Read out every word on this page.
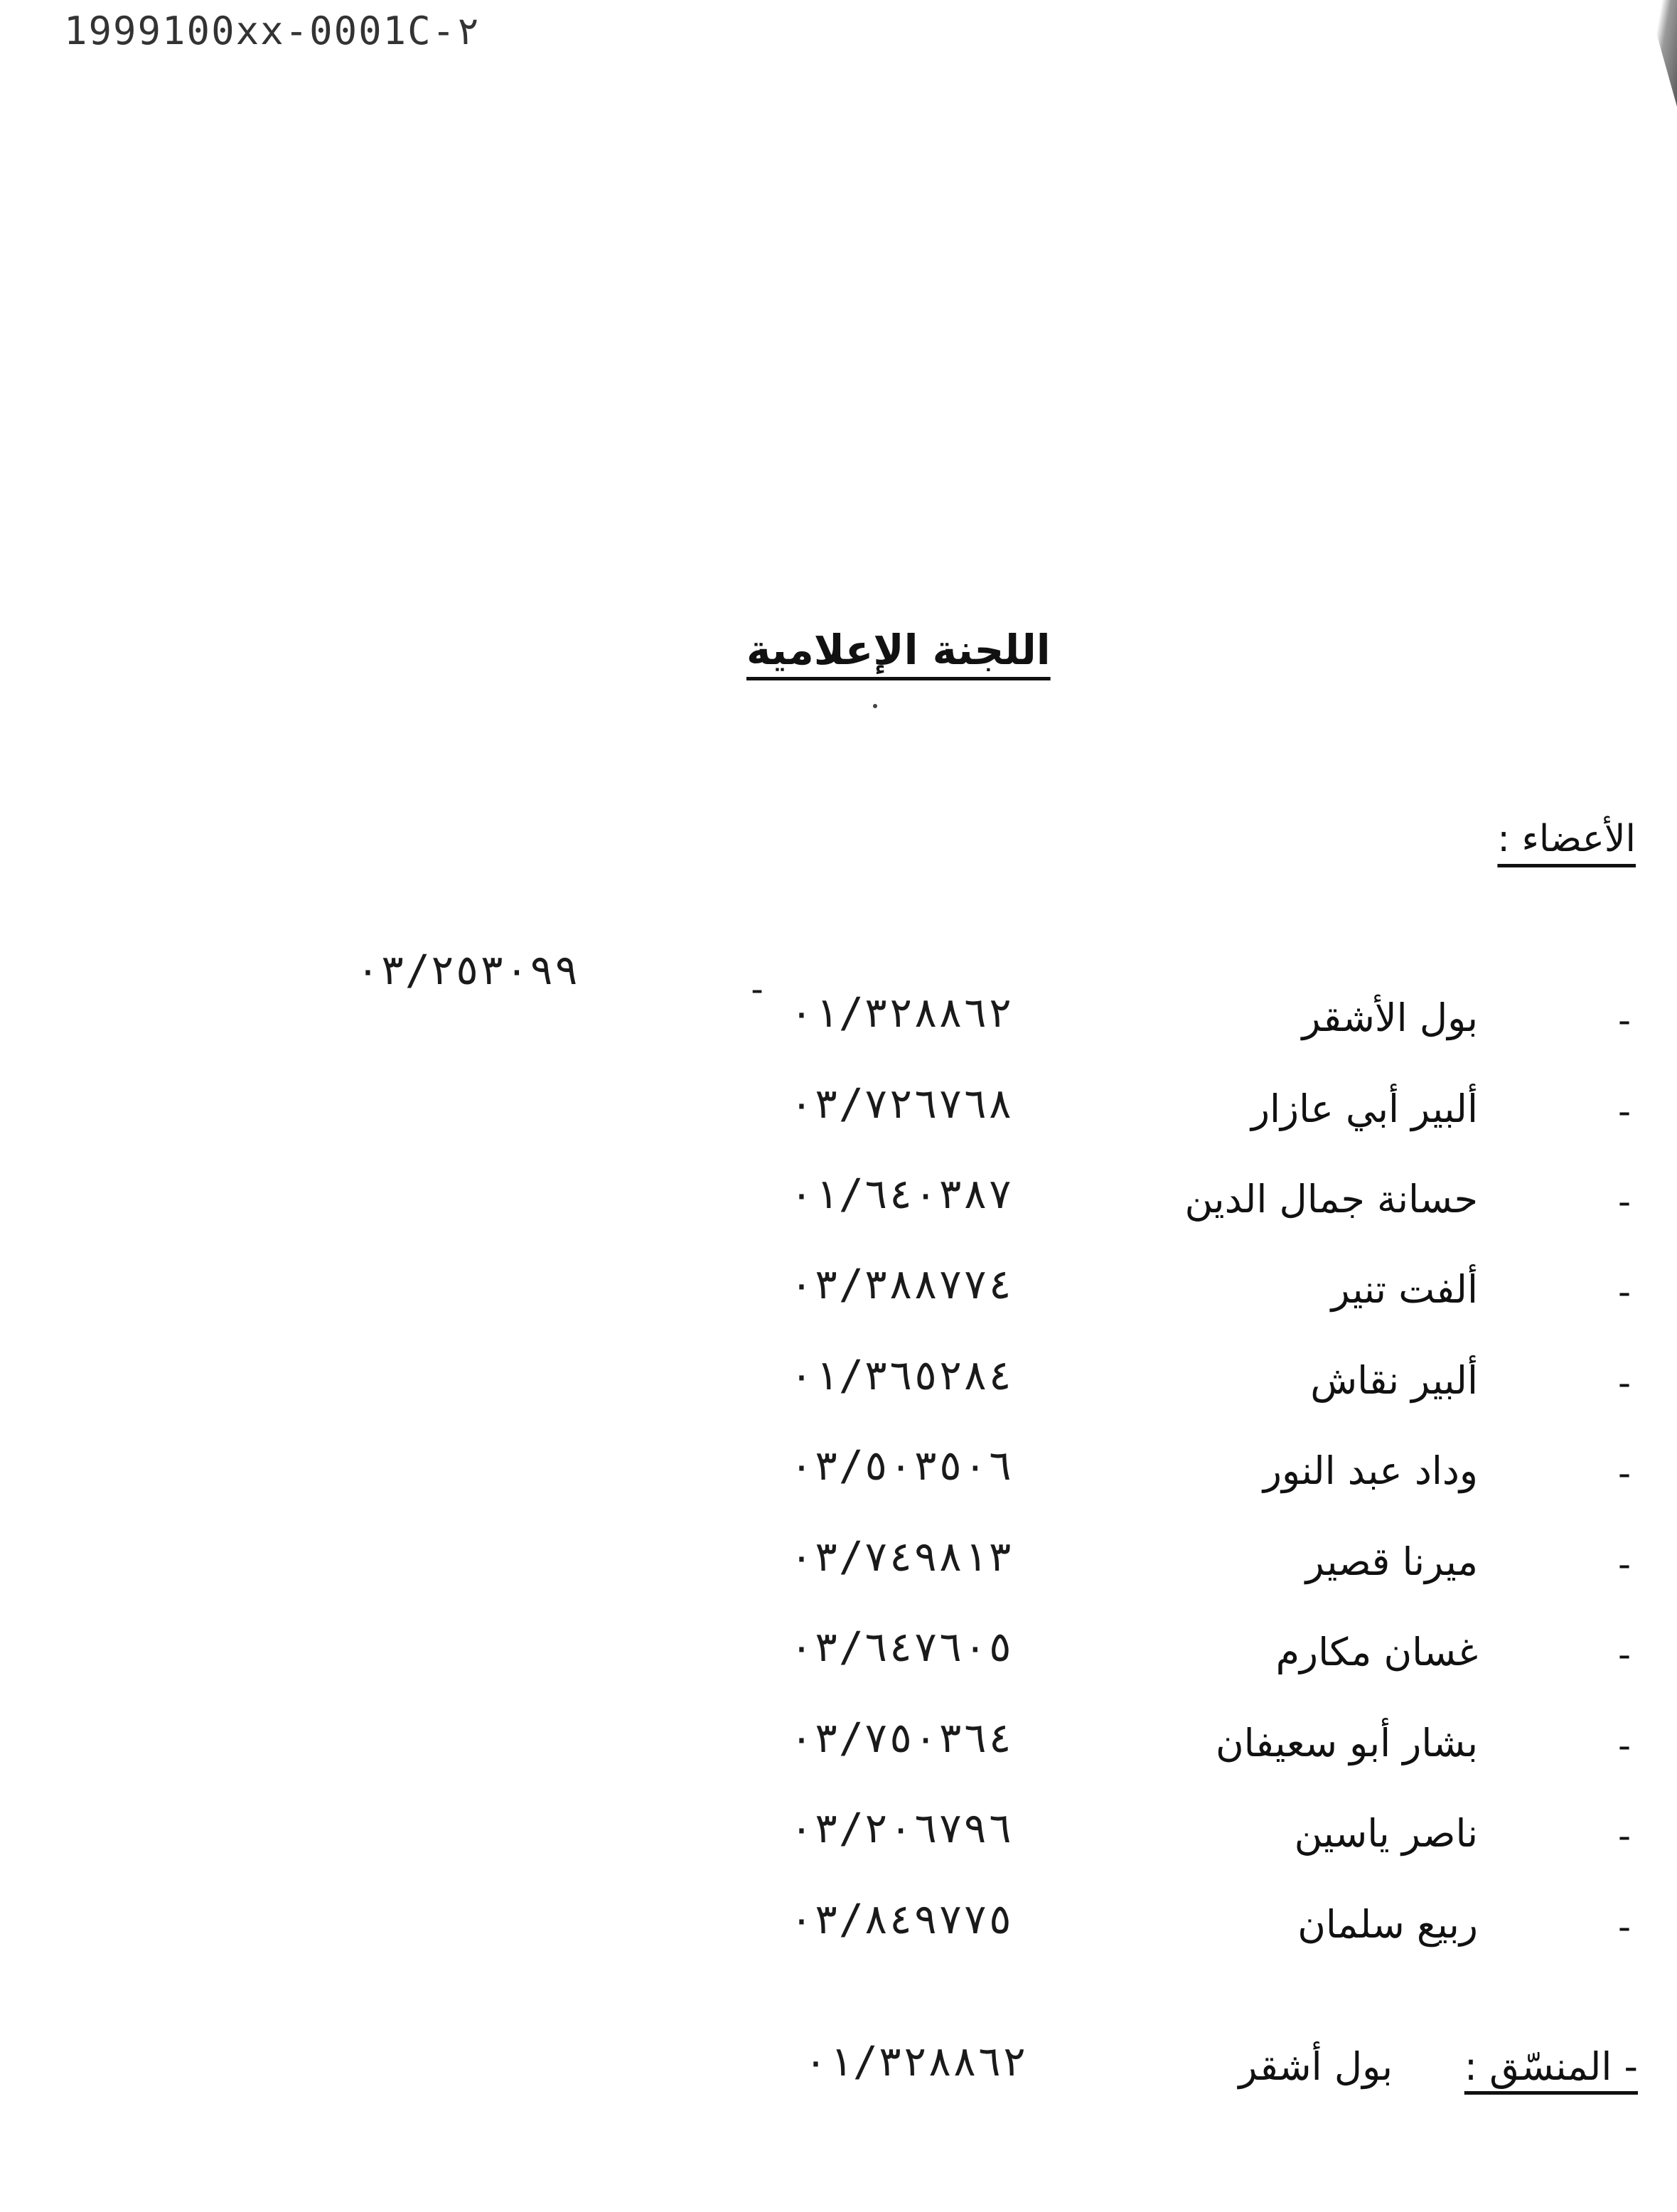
1999100xx-0001C-٢
اللجنة الإعلامية
الأعضاء :
٠٣/٢٥٣٠٩٩	-
-
بول الأشقر
٠١/٣٢٨٨٦٢
-
ألبير أبي عازار
٠٣/٧٢٦٧٦٨
-
حسانة جمال الدين
٠١/٦٤٠٣٨٧
-
ألفت تنير
٠٣/٣٨٨٧٧٤
-
ألبير نقاش
٠١/٣٦٥٢٨٤
-
وداد عبد النور
٠٣/٥٠٣٥٠٦
-
ميرنا قصير
٠٣/٧٤٩٨١٣
-
غسان مكارم
٠٣/٦٤٧٦٠٥
-
بشار أبو سعيفان
٠٣/٧٥٠٣٦٤
-
ناصر ياسين
٠٣/٢٠٦٧٩٦
-
ربيع سلمان
٠٣/٨٤٩٧٧٥
- المنسّق :
بول أشقر
٠١/٣٢٨٨٦٢
